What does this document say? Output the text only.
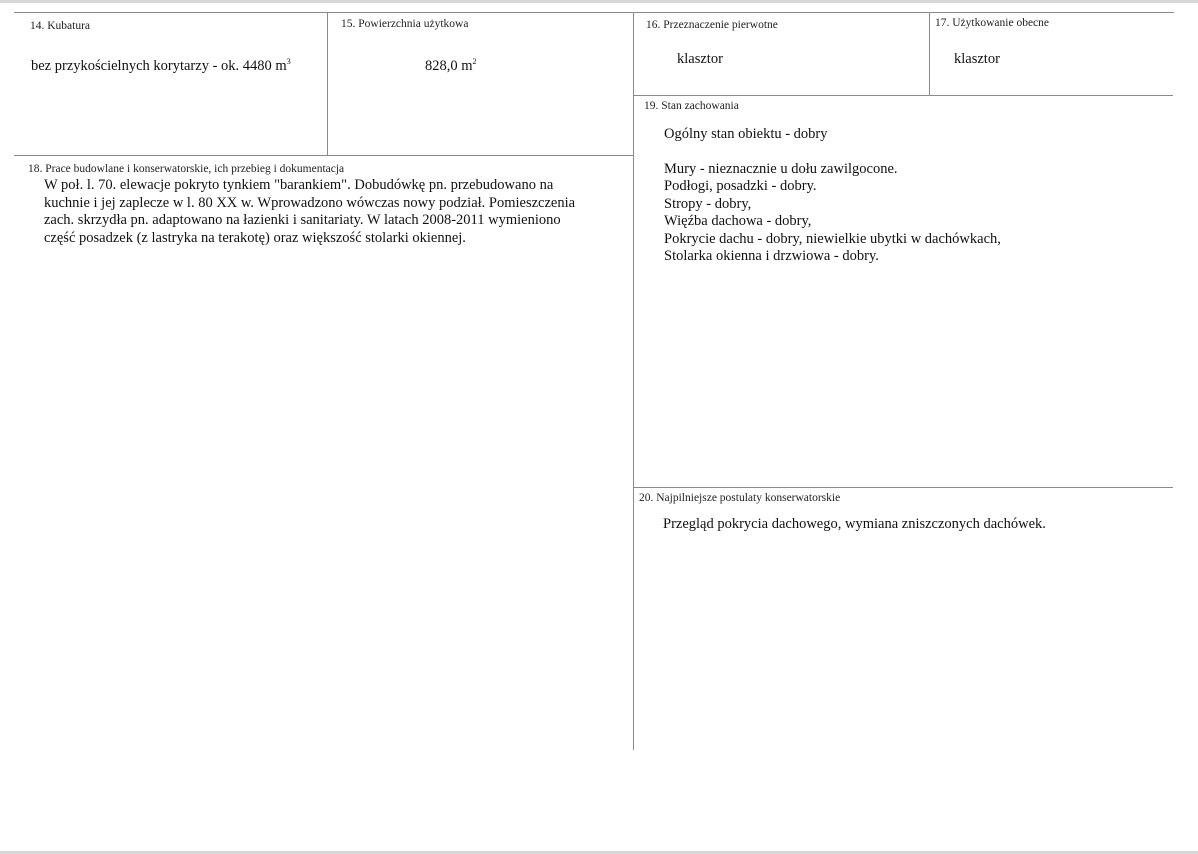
14. Kubatura
bez przykościelnych korytarzy - ok. 4480 $m^3$
15. Powierzchnia użytkowa
828,0 $m^2$
16. Przeznaczenie pierwotne
klasztor
17. Użytkowanie obecne
klasztor
18. Prace budowlane i konserwatorskie, ich przebieg i dokumentacja
W poł. l. 70. elewacje pokryto tynkiem "barankiem". Dobudówkę pn. przebudowano na
kuchnie i jej zaplecze w l. 80 XX w. Wprowadzono wówczas nowy podział. Pomieszczenia
zach. skrzydła pn. adaptowano na łazienki i sanitariaty. W latach 2008-2011 wymieniono
część posadzek (z lastryka na terakotę) oraz większość stolarki okiennej.
19. Stan zachowania
Ogólny stan obiektu - dobry
Mury - nieznacznie u dołu zawilgocone.
Podłogi, posadzki - dobry.
Stropy - dobry,
Więźba dachowa - dobry,
Pokrycie dachu - dobry, niewielkie ubytki w dachówkach,
Stolarka okienna i drzwiowa - dobry.
20. Najpilniejsze postulaty konserwatorskie
Przegląd pokrycia dachowego, wymiana zniszczonych dachówek.
